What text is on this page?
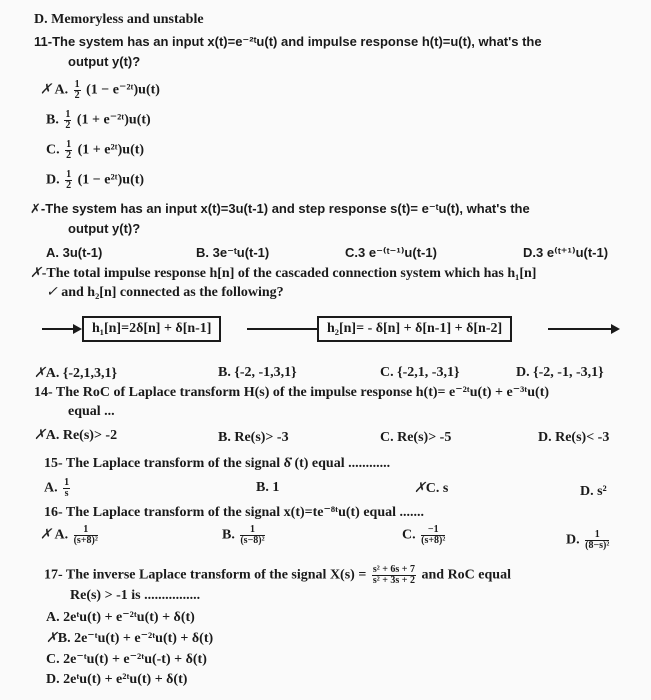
D. Memoryless and unstable
11-The system has an input x(t)=e⁻²ᵗu(t) and impulse response h(t)=u(t), what's the
output y(t)?
✗ A. $\frac{1}{2} (1$ − e⁻²ᵗ)u(t)
B. $\frac{1}{2} (1$ + e⁻²ᵗ)u(t)
C. $\frac{1}{2} (1$ + e²ᵗ)u(t)
D. $\frac{1}{2} (1$ − e²ᵗ)u(t)
✗-The system has an input x(t)=3u(t-1) and step response s(t)= e⁻ᵗu(t), what's the
output y(t)?
A. 3u(t-1)	B. 3e⁻ᵗu(t-1)	C.3 e⁻⁽ᵗ⁻¹⁾u(t-1)	D.3 e⁽ᵗ⁺¹⁾u(t-1)
✗-The total impulse response h[n] of the cascaded connection system which has h₁[n]
✓ and h₂[n] connected as the following?
h₁[n]=2δ[n] + δ[n-1]	h₂[n]= - δ[n] + δ[n-1] + δ[n-2]
✗A. {-2,1,3,1}	B. {-2, -1,3,1}	C. {-2,1, -3,1}	D. {-2, -1, -3,1}
14- The RoC of Laplace transform H(s) of the impulse response h(t)= e⁻²ᵗu(t) + e⁻³ᵗu(t)
equal ...
✗A. Re(s)> -2	B. Re(s)> -3	C. Re(s)> -5	D. Re(s)< -3
15- The Laplace transform of the signal δ̇ (t) equal ............
A. $\frac{1}{s}$	B. 1	✗C. s	D. s²
16- The Laplace transform of the signal x(t)=te⁻⁸ᵗu(t) equal .......
✗ A. $\frac{1}{\text{(s+8)²}}$	B. $\frac{1}{\text{(s−8)²}}$	C. $\frac{-1}{\text{(s+8)²}}$	D. $\frac{1}{\text{(8−s)²}}$
17- The inverse Laplace transform of the signal $X(s) = \frac{\text{s² + 6s + 7}}{\text{s² + 3s + 2}}$ and RoC equal
Re(s) > -1 is ................
A. 2eᵗu(t) + e⁻²ᵗu(t) + δ(t)
✗B. 2e⁻ᵗu(t) + e⁻²ᵗu(t) + δ(t)
C. 2e⁻ᵗu(t) + e⁻²ᵗu(-t) + δ(t)
D. 2eᵗu(t) + e²ᵗu(t) + δ(t)
